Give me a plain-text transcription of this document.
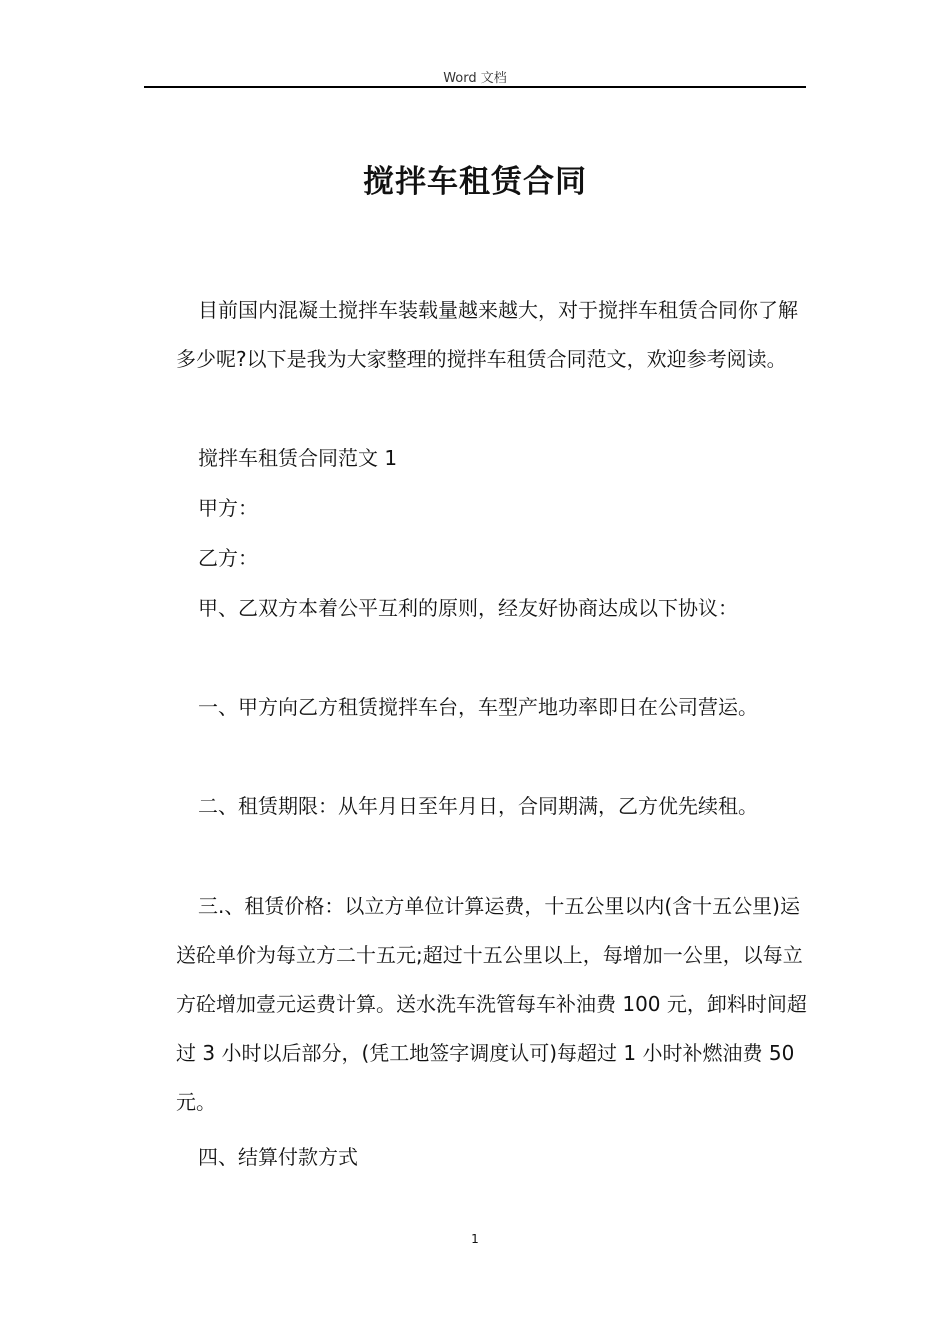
Word 文档
搅拌车租赁合同

目前国内混凝土搅拌车装载量越来越大，对于搅拌车租赁合同你了解多少呢?以下是我为大家整理的搅拌车租赁合同范文，欢迎参考阅读。

搅拌车租赁合同范文 1

甲方：

乙方：

甲、乙双方本着公平互利的原则，经友好协商达成以下协议：

一、甲方向乙方租赁搅拌车台，车型产地功率即日在公司营运。

二、租赁期限：从年月日至年月日，合同期满，乙方优先续租。

三.、租赁价格：以立方单位计算运费，十五公里以内(含十五公里)运送砼单价为每立方二十五元;超过十五公里以上，每增加一公里，以每立方砼增加壹元运费计算。送水洗车洗管每车补油费 100 元，卸料时间超过 3 小时以后部分，(凭工地签字调度认可)每超过 1 小时补燃油费 50 元。

四、结算付款方式

1
